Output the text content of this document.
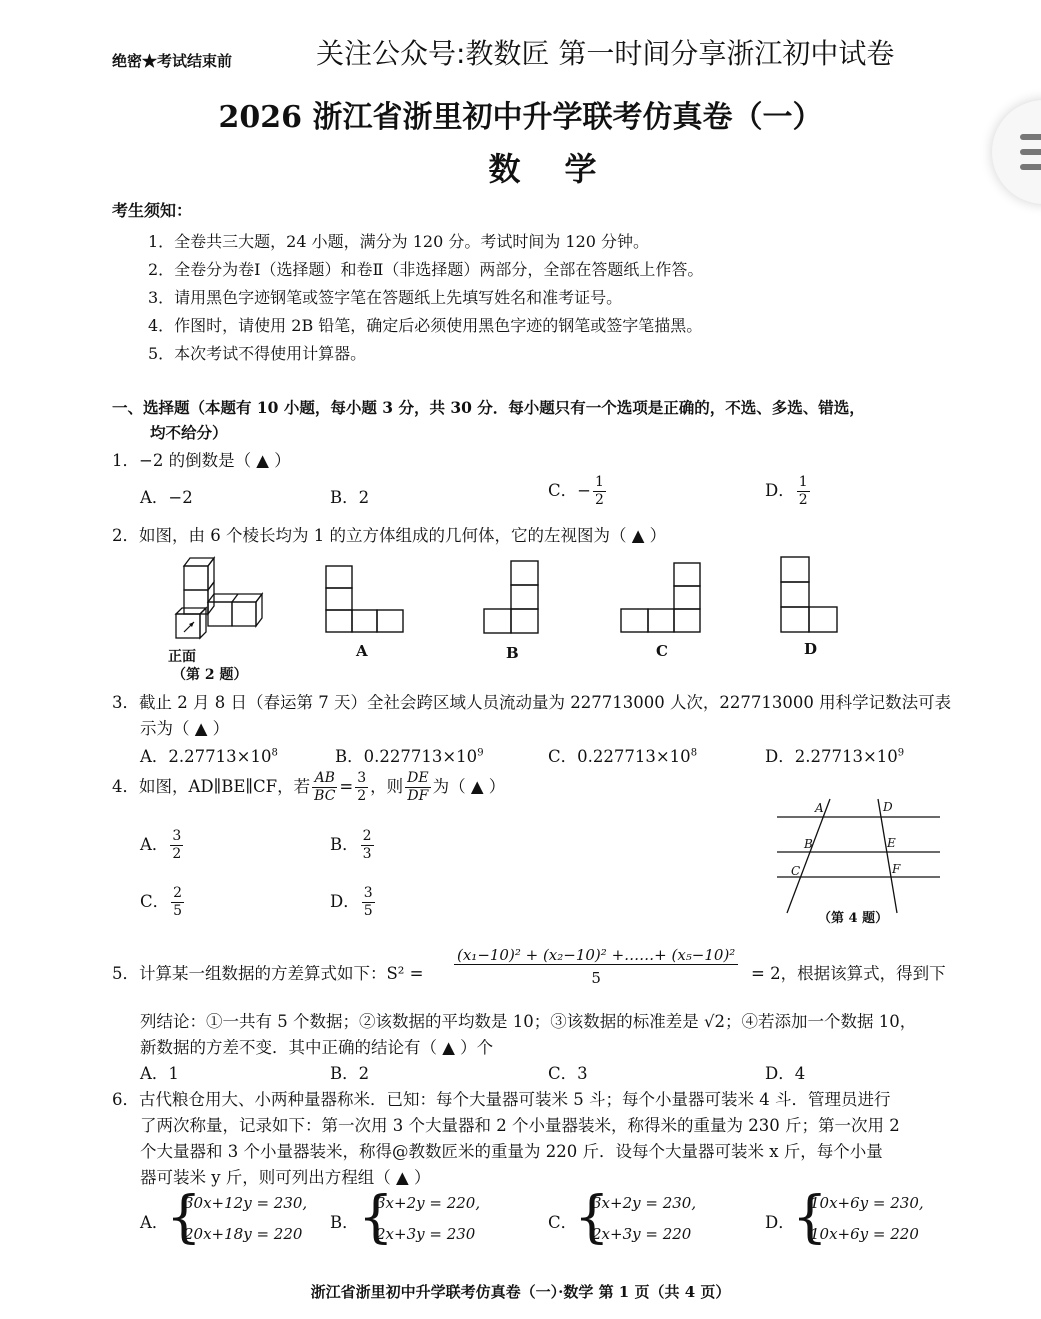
绝密★考试结束前	关注公众号:教数匠 第一时间分享浙江初中试卷
2026 浙江省浙里初中升学联考仿真卷（一）
数学
考生须知：
1．全卷共三大题，24 小题，满分为 120 分。考试时间为 120 分钟。
2．全卷分为卷Ⅰ（选择题）和卷Ⅱ（非选择题）两部分，全部在答题纸上作答。
3．请用黑色字迹钢笔或签字笔在答题纸上先填写姓名和准考证号。
4．作图时，请使用 2B 铅笔，确定后必须使用黑色字迹的钢笔或签字笔描黑。
5．本次考试不得使用计算器。
一、选择题（本题有 10 小题，每小题 3 分，共 30 分．每小题只有一个选项是正确的，不选、多选、错选，
均不给分）
1．−2 的倒数是（ ▲ ）
A．−2	B．2	C．− $\frac{1}{2}$	D． $\frac{1}{2}$
2．如图，由 6 个棱长均为 1 的立方体组成的几何体，它的左视图为（ ▲ ）
正面
（第 2 题）
A	B	C	D
3．截止 2 月 8 日（春运第 7 天）全社会跨区域人员流动量为 227713000 人次，227713000 用科学记数法可表
示为（ ▲ ）
A．$2.27713\times 10^8$	B．$0.227713\times 10^9$	C．$0.227713\times 10^8$	D．$2.27713\times 10^9$
4．如图，AD∥BE∥CF，若 $\frac{AB}{BC} = \frac{3}{2}$ ，则 $\frac{DE}{DF}$ 为（ ▲ ）
A． $\frac{3}{2}$	B． $\frac{2}{3}$
C． $\frac{2}{5}$	D． $\frac{3}{5}$
A
B
C
D
E
F
（第 4 题）
5．计算某一组数据的方差算式如下：S² =
(x₁−10)² + (x₂−10)² +……+ (x₅−10)²
5	= 2，根据该算式，得到下
列结论：①一共有 5 个数据；②该数据的平均数是 10；③该数据的标准差是 √2；④若添加一个数据 10，
新数据的方差不变．其中正确的结论有（ ▲ ）个
A．1	B．2	C．3	D．4
6．古代粮仓用大、小两种量器称米．已知：每个大量器可装米 5 斗；每个小量器可装米 4 斗．管理员进行
了两次称量，记录如下：第一次用 3 个大量器和 2 个小量器装米，称得米的重量为 230 斤；第一次用 2
个大量器和 3 个小量器装米，称得@教数匠米的重量为 220 斤．设每个大量器可装米 x 斤，每个小量
器可装米 y 斤，则可列出方程组（ ▲ ）
A．
{
30x+12y = 230,
20x+18y = 220
B． {
3x+2y = 220,
2x+3y = 230
C．
{
3x+2y = 230,
2x+3y = 220
D．
{
10x+6y = 230,
10x+6y = 220
浙江省浙里初中升学联考仿真卷（一）·数学 第 1 页（共 4 页）
